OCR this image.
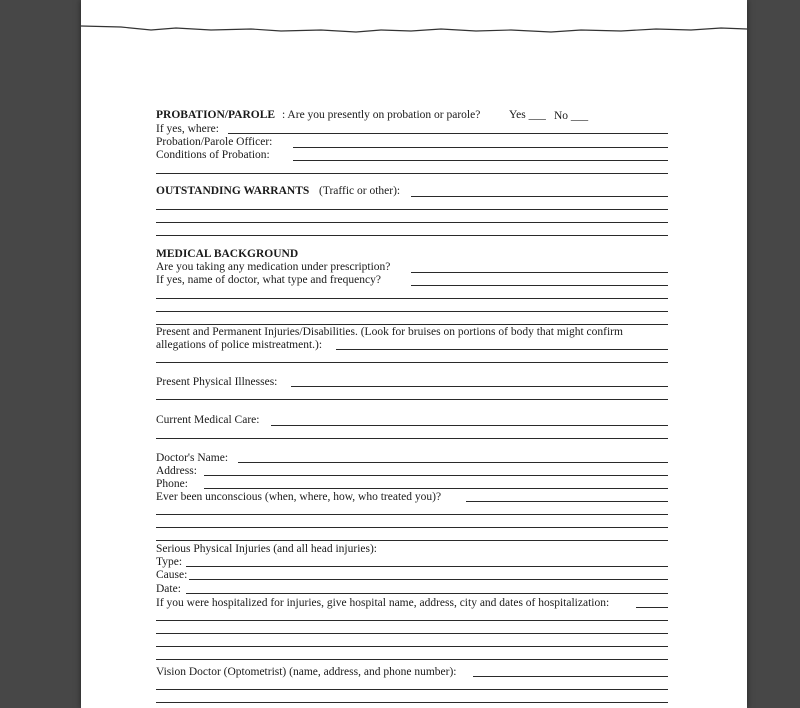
PROBATION/PAROLE : Are you presently on probation or parole? Yes ___ No ___
If yes, where:
Probation/Parole Officer:
Conditions of Probation:
OUTSTANDING WARRANTS (Traffic or other):
MEDICAL BACKGROUND
Are you taking any medication under prescription?
If yes, name of doctor, what type and frequency?
Present and Permanent Injuries/Disabilities. (Look for bruises on portions of body that might confirm
allegations of police mistreatment.):
Present Physical Illnesses:
Current Medical Care:
Doctor's Name:
Address:
Phone:
Ever been unconscious (when, where, how, who treated you)?
Serious Physical Injuries (and all head injuries):
Type:
Cause:
Date:
If you were hospitalized for injuries, give hospital name, address, city and dates of hospitalization:
Vision Doctor (Optometrist) (name, address, and phone number):
